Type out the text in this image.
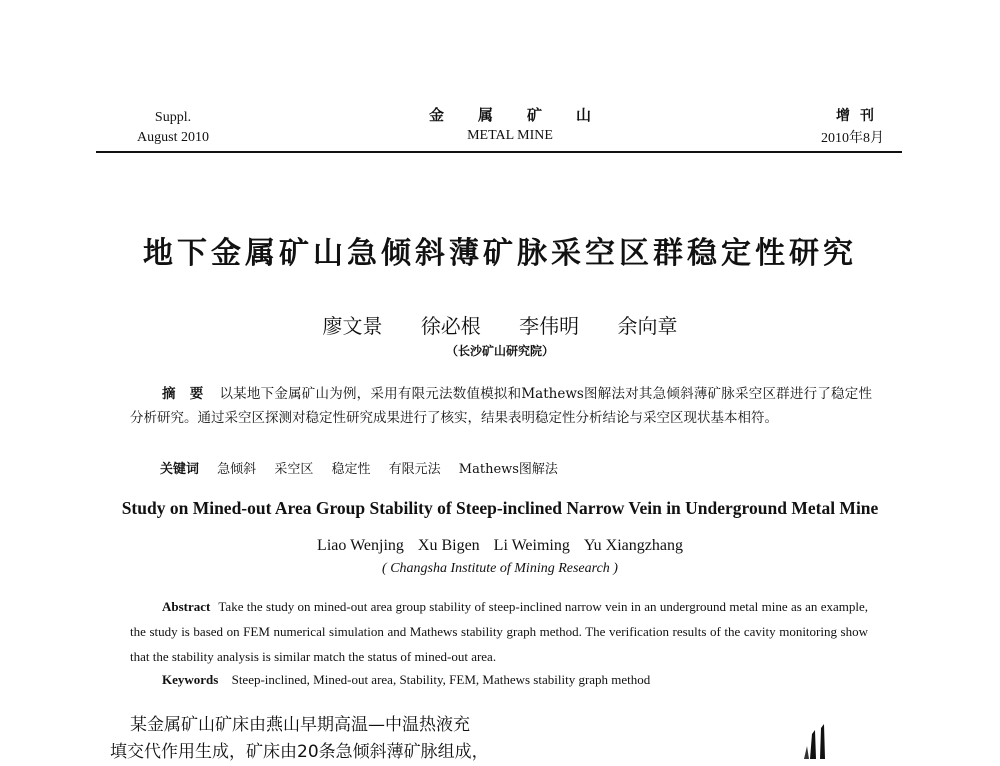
Suppl.
August 2010
金属矿山
METAL MINE
增刊
2010年8月
地下金属矿山急倾斜薄矿脉采空区群稳定性研究
廖文景 徐必根 李伟明 余向章
（长沙矿山研究院）
摘要 以某地下金属矿山为例，采用有限元法数值模拟和Mathews图解法对其急倾斜薄矿脉采空区群进行了稳定性分析研究。通过采空区探测对稳定性研究成果进行了核实，结果表明稳定性分析结论与采空区现状基本相符。
关键词 急倾斜 采空区 稳定性 有限元法 Mathews图解法
Study on Mined-out Area Group Stability of Steep-inclined Narrow Vein in Underground Metal Mine
Liao Wenjing Xu Bigen Li Weiming Yu Xiangzhang
( Changsha Institute of Mining Research )
Abstract Take the study on mined-out area group stability of steep-inclined narrow vein in an underground metal mine as an example, the study is based on FEM numerical simulation and Mathews stability graph method. The verification results of the cavity monitoring show that the stability analysis is similar match the status of mined-out area.
Keywords Steep-inclined, Mined-out area, Stability, FEM, Mathews stability graph method
某金属矿山矿床由燕山早期高温—中温热液充
填交代作用生成，矿床由20条急倾斜薄矿脉组成，
